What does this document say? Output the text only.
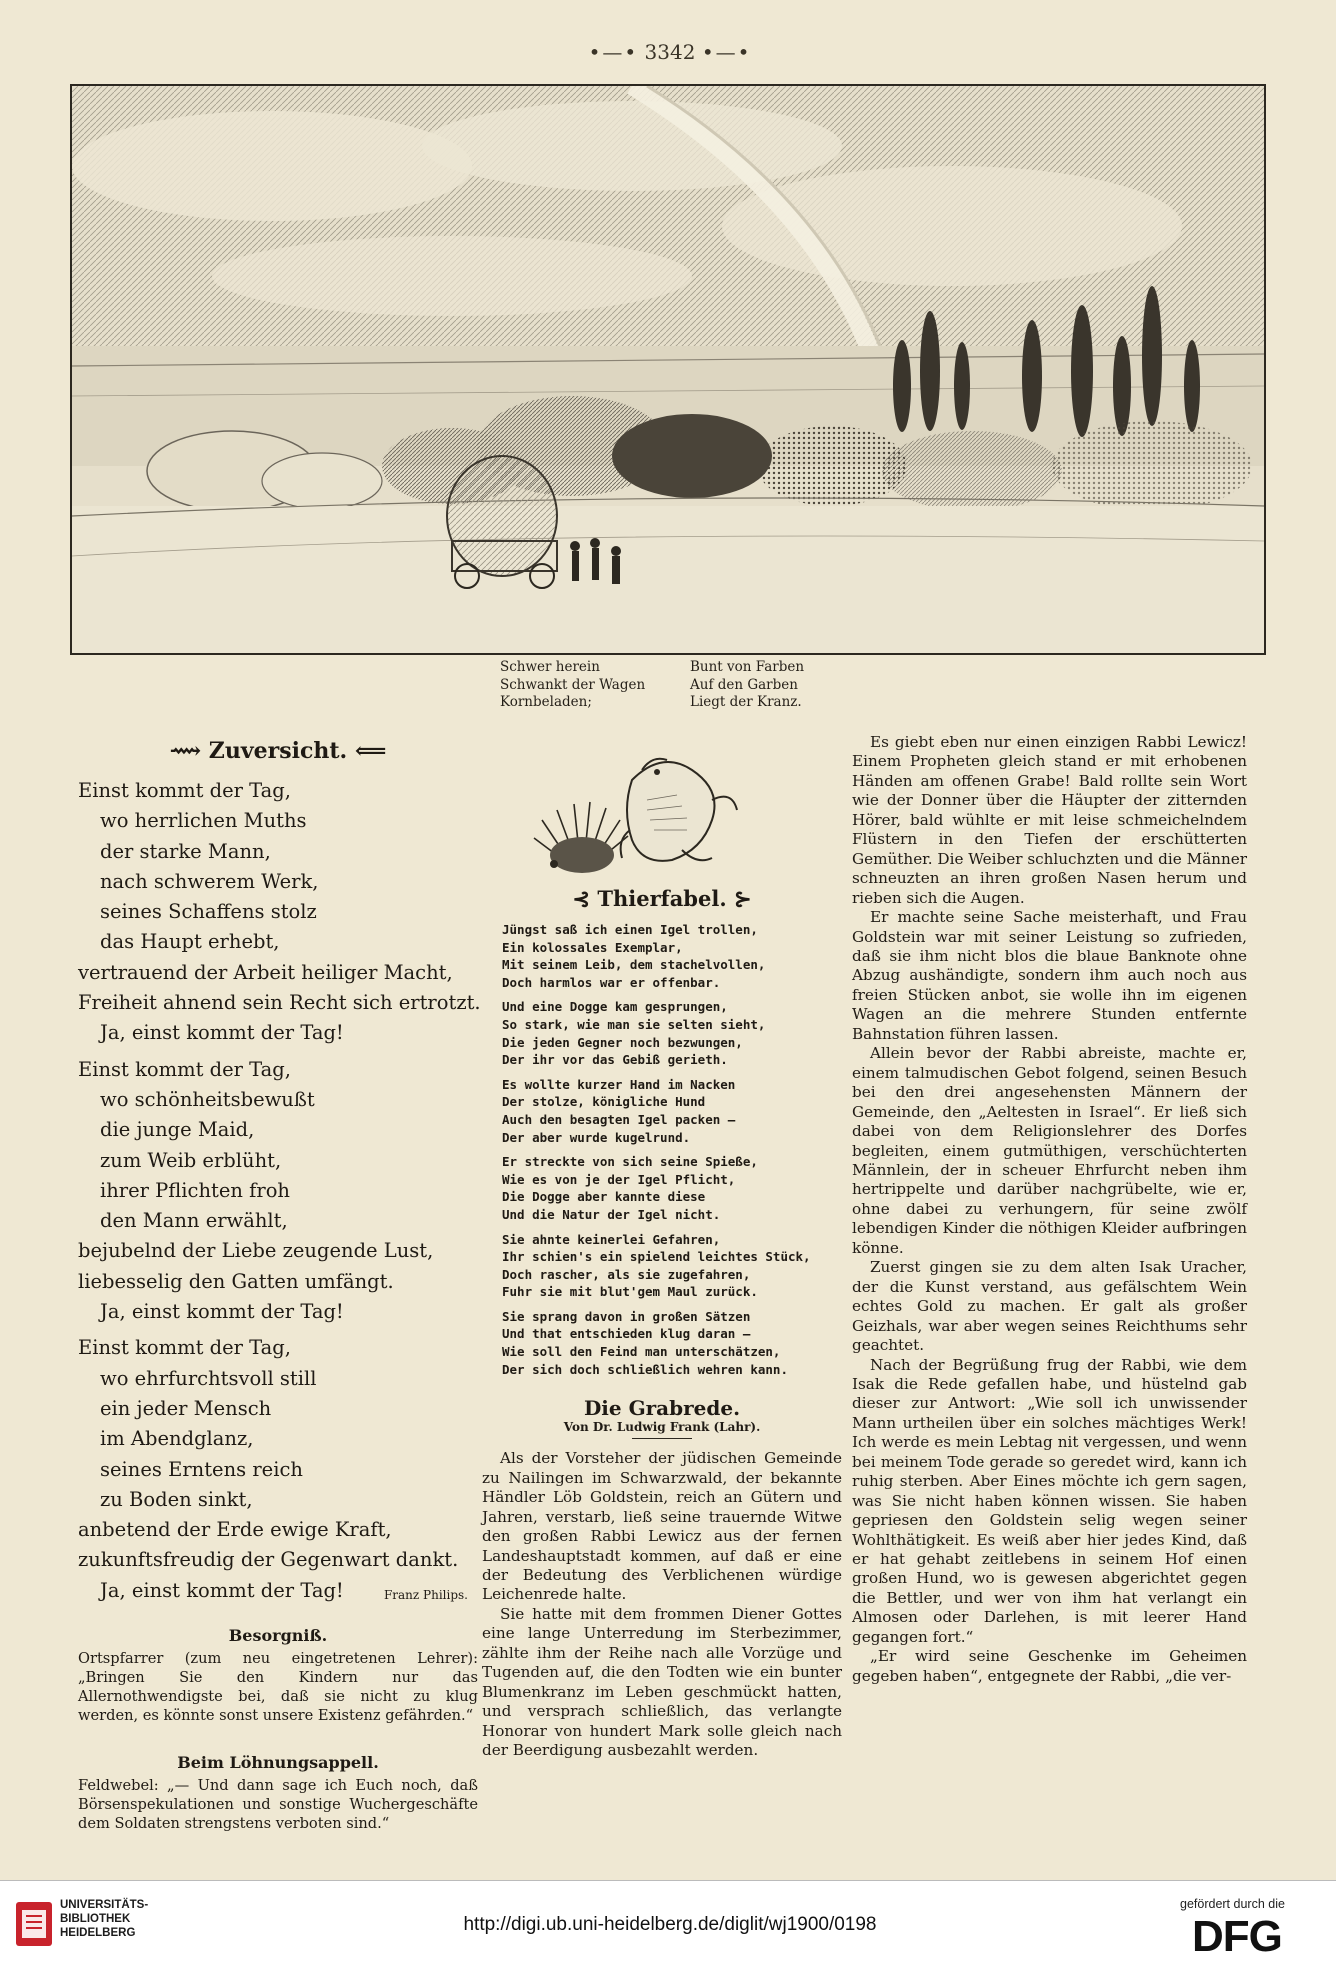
•—• 3342 •—•
Schwer herein
Schwankt der Wagen
Kornbeladen;
Bunt von Farben
Auf den Garben
Liegt der Kranz.
⟿ Zuversicht. ⟸
Einst kommt der Tag,
wo herrlichen Muths
der starke Mann,
nach schwerem Werk,
seines Schaffens stolz
das Haupt erhebt,
vertrauend der Arbeit heiliger Macht,
Freiheit ahnend sein Recht sich ertrotzt.
Ja, einst kommt der Tag!
Einst kommt der Tag,
wo schönheitsbewußt
die junge Maid,
zum Weib erblüht,
ihrer Pflichten froh
den Mann erwählt,
bejubelnd der Liebe zeugende Lust,
liebesselig den Gatten umfängt.
Ja, einst kommt der Tag!
Einst kommt der Tag,
wo ehrfurchtsvoll still
ein jeder Mensch
im Abendglanz,
seines Erntens reich
zu Boden sinkt,
anbetend der Erde ewige Kraft,
zukunftsfreudig der Gegenwart dankt.
Ja, einst kommt der Tag!	Franz Philips.
Besorgniß.

Ortspfarrer (zum neu eingetretenen Lehrer): „Bringen Sie den Kindern nur das Allernothwendigste bei, daß sie nicht zu klug werden, es könnte sonst unsere Existenz gefährden.“

Beim Löhnungsappell.

Feldwebel: „— Und dann sage ich Euch noch, daß Börsenspekulationen und sonstige Wuchergeschäfte dem Soldaten strengstens verboten sind.“

⊰ Thierfabel. ⊱
Jüngst saß ich einen Igel trollen,
Ein kolossales Exemplar,
Mit seinem Leib, dem stachelvollen,
Doch harmlos war er offenbar.
Und eine Dogge kam gesprungen,
So stark, wie man sie selten sieht,
Die jeden Gegner noch bezwungen,
Der ihr vor das Gebiß gerieth.
Es wollte kurzer Hand im Nacken
Der stolze, königliche Hund
Auch den besagten Igel packen —
Der aber wurde kugelrund.
Er streckte von sich seine Spieße,
Wie es von je der Igel Pflicht,
Die Dogge aber kannte diese
Und die Natur der Igel nicht.
Sie ahnte keinerlei Gefahren,
Ihr schien's ein spielend leichtes Stück,
Doch rascher, als sie zugefahren,
Fuhr sie mit blut'gem Maul zurück.
Sie sprang davon in großen Sätzen
Und that entschieden klug daran —
Wie soll den Feind man unterschätzen,
Der sich doch schließlich wehren kann.
Die Grabrede.
Von Dr. Ludwig Frank (Lahr).

Als der Vorsteher der jüdischen Gemeinde zu Nailingen im Schwarzwald, der bekannte Händler Löb Goldstein, reich an Gütern und Jahren, verstarb, ließ seine trauernde Witwe den großen Rabbi Lewicz aus der fernen Landeshauptstadt kommen, auf daß er eine der Bedeutung des Verblichenen würdige Leichenrede halte.

Sie hatte mit dem frommen Diener Gottes eine lange Unterredung im Sterbezimmer, zählte ihm der Reihe nach alle Vorzüge und Tugenden auf, die den Todten wie ein bunter Blumenkranz im Leben geschmückt hatten, und versprach schließlich, das verlangte Honorar von hundert Mark solle gleich nach der Beerdigung ausbezahlt werden.

Es giebt eben nur einen einzigen Rabbi Lewicz! Einem Propheten gleich stand er mit erhobenen Händen am offenen Grabe! Bald rollte sein Wort wie der Donner über die Häupter der zitternden Hörer, bald wühlte er mit leise schmeichelndem Flüstern in den Tiefen der erschütterten Gemüther. Die Weiber schluchzten und die Männer schneuzten an ihren großen Nasen herum und rieben sich die Augen.

Er machte seine Sache meisterhaft, und Frau Goldstein war mit seiner Leistung so zufrieden, daß sie ihm nicht blos die blaue Banknote ohne Abzug aushändigte, sondern ihm auch noch aus freien Stücken anbot, sie wolle ihn im eigenen Wagen an die mehrere Stunden entfernte Bahnstation führen lassen.

Allein bevor der Rabbi abreiste, machte er, einem talmudischen Gebot folgend, seinen Besuch bei den drei angesehensten Männern der Gemeinde, den „Aeltesten in Israel“. Er ließ sich dabei von dem Religionslehrer des Dorfes begleiten, einem gutmüthigen, verschüchterten Männlein, der in scheuer Ehrfurcht neben ihm hertrippelte und darüber nachgrübelte, wie er, ohne dabei zu verhungern, für seine zwölf lebendigen Kinder die nöthigen Kleider aufbringen könne.

Zuerst gingen sie zu dem alten Isak Uracher, der die Kunst verstand, aus gefälschtem Wein echtes Gold zu machen. Er galt als großer Geizhals, war aber wegen seines Reichthums sehr geachtet.

Nach der Begrüßung frug der Rabbi, wie dem Isak die Rede gefallen habe, und hüstelnd gab dieser zur Antwort: „Wie soll ich unwissender Mann urtheilen über ein solches mächtiges Werk! Ich werde es mein Lebtag nit vergessen, und wenn bei meinem Tode gerade so geredet wird, kann ich ruhig sterben. Aber Eines möchte ich gern sagen, was Sie nicht haben können wissen. Sie haben gepriesen den Goldstein selig wegen seiner Wohlthätigkeit. Es weiß aber hier jedes Kind, daß er hat gehabt zeitlebens in seinem Hof einen großen Hund, wo is gewesen abgerichtet gegen die Bettler, und wer von ihm hat verlangt ein Almosen oder Darlehen, is mit leerer Hand gegangen fort.“

„Er wird seine Geschenke im Geheimen gegeben haben“, entgegnete der Rabbi, „die ver-

UNIVERSITÄTS-
BIBLIOTHEK
HEIDELBERG	http://digi.ub.uni-heidelberg.de/diglit/wj1900/0198
gefördert durch die
DFG
